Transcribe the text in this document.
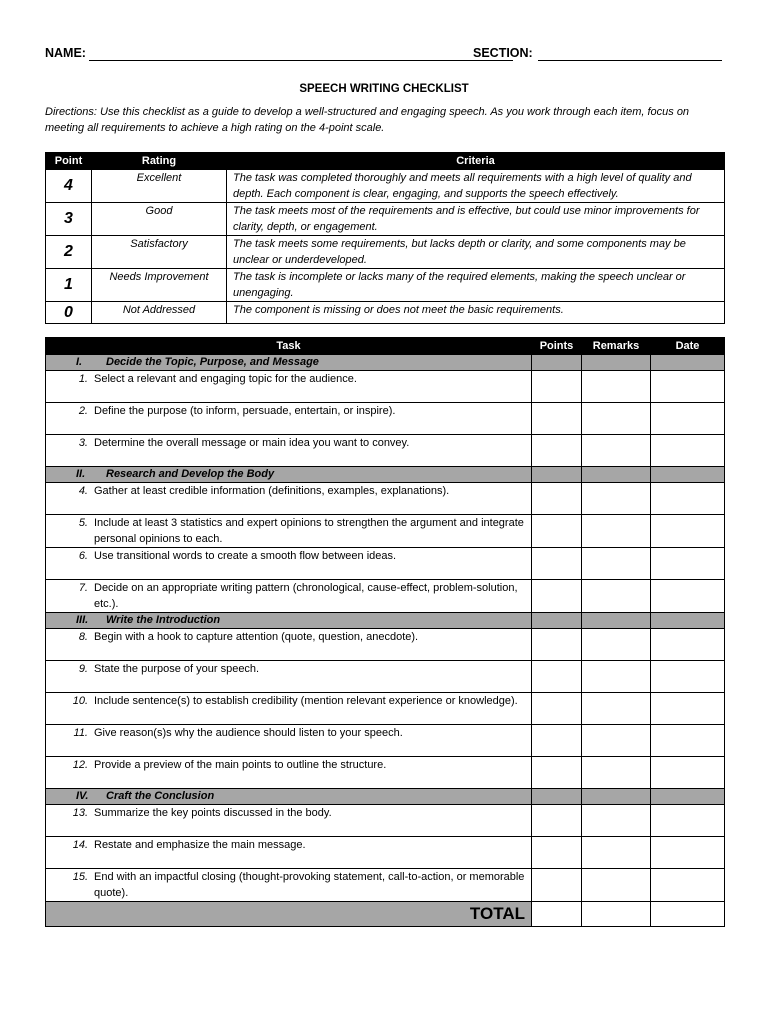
NAME:	SECTION:
SPEECH WRITING CHECKLIST
Directions: Use this checklist as a guide to develop a well-structured and engaging speech. As you work through each item, focus on meeting all requirements to achieve a high rating on the 4-point scale.
Point	Rating	Criteria
4	Excellent	The task was completed thoroughly and meets all requirements with a high level of quality and depth. Each component is clear, engaging, and supports the speech effectively.
3	Good	The task meets most of the requirements and is effective, but could use minor improvements for clarity, depth, or engagement.
2	Satisfactory	The task meets some requirements, but lacks depth or clarity, and some components may be unclear or underdeveloped.
1	Needs Improvement	The task is incomplete or lacks many of the required elements, making the speech unclear or unengaging.
0	Not Addressed	The component is missing or does not meet the basic requirements.
Task	Points	Remarks	Date
I. Decide the Topic, Purpose, and Message			
1. Select a relevant and engaging topic for the audience.			
2. Define the purpose (to inform, persuade, entertain, or inspire).			
3. Determine the overall message or main idea you want to convey.			
II. Research and Develop the Body			
4. Gather at least credible information (definitions, examples, explanations).			
5. Include at least 3 statistics and expert opinions to strengthen the argument and integrate personal opinions to each.			
6. Use transitional words to create a smooth flow between ideas.			
7. Decide on an appropriate writing pattern (chronological, cause-effect, problem-solution, etc.).			
III. Write the Introduction			
8. Begin with a hook to capture attention (quote, question, anecdote).			
9. State the purpose of your speech.			
10. Include sentence(s) to establish credibility (mention relevant experience or knowledge).			
11. Give reason(s)s why the audience should listen to your speech.			
12. Provide a preview of the main points to outline the structure.			
IV. Craft the Conclusion			
13. Summarize the key points discussed in the body.			
14.Restate and emphasize the main message.			
15. End with an impactful closing (thought-provoking statement, call-to-action, or memorable quote).			
TOTAL			
